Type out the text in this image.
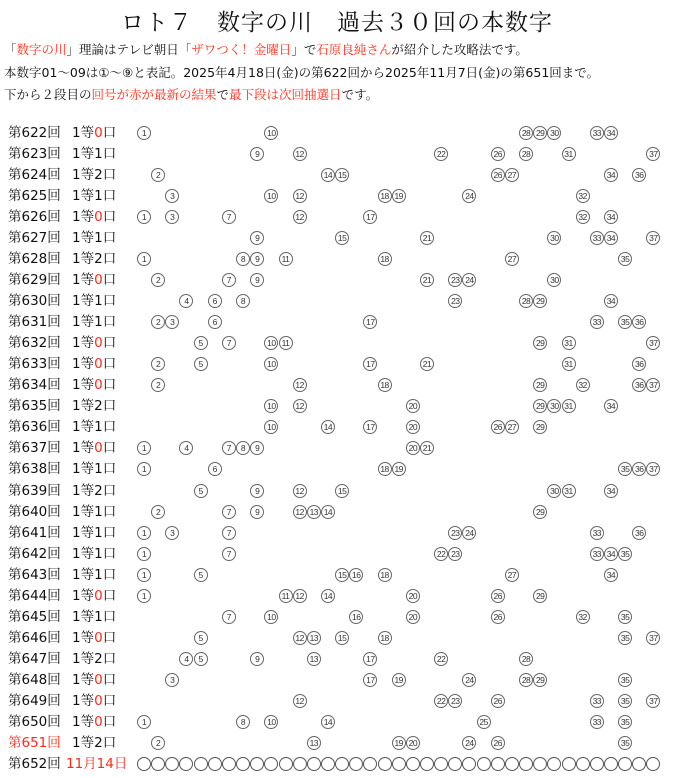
ロト７　数字の川　過去３０回の本数字
「数字の川」理論はテレビ朝日「ザワつく！金曜日」で石原良純さんが紹介した攻略法です。
本数字01～09は①～⑨と表記。2025年4月18日(金)の第622回から2025年11月7日(金)の第651回まで。
下から２段目の回号が赤が最新の結果で最下段は次回抽選日です。
第622回 1等0口	1	10	28 29 30	33 34
第623回 1等1口	9	12	22	26	28	31	37
第624回 1等2口	2	14 15	26 27	34	36
第625回 1等1口	3	10	12	18 19	24	32
第626回 1等0口	1	3	7	12	17	32	34
第627回 1等1口	9	15	21	30	33 34	37
第628回 1等2口	1	8	9	11	18	27	35
第629回 1等0口	2	7	9	21	23 24	30
第630回 1等1口	4	6	8	23	28 29	34
第631回 1等1口	2	3	6	17	33	35 36
第632回 1等0口	5	7	10 11	29	31	37
第633回 1等0口	2	5	10	17	21	31	36
第634回 1等0口	2	12	18	29	32	36 37
第635回 1等2口	10	12	20	29 30 31	34
第636回 1等1口	10	14	17	20	26 27	29
第637回 1等0口	1	4	7	8	9	20 21
第638回 1等1口	1	6	18 19	35 36 37
第639回 1等2口	5	9	12	15	30 31	34
第640回 1等1口	2	7	9	12 13 14	29
第641回 1等1口	1	3	7	23 24	33	36
第642回 1等1口	1	7	22 23	33 34 35
第643回 1等1口	1	5	15 16	18	27	34
第644回 1等0口	1	11 12	14	20	26	29
第645回 1等1口	7	10	16	20	26	32	35
第646回 1等0口	5	12 13	15	18	35	37
第647回 1等2口	4	5	9	13	17	22	28
第648回 1等0口	3	17	19	24	28 29	35
第649回 1等0口	12	22 23	26	33	35	37
第650回 1等0口	1	8	10	14	25	33	35
第651回 1等2口	2	13	19 20	24	26	35
第652回 11月14日
